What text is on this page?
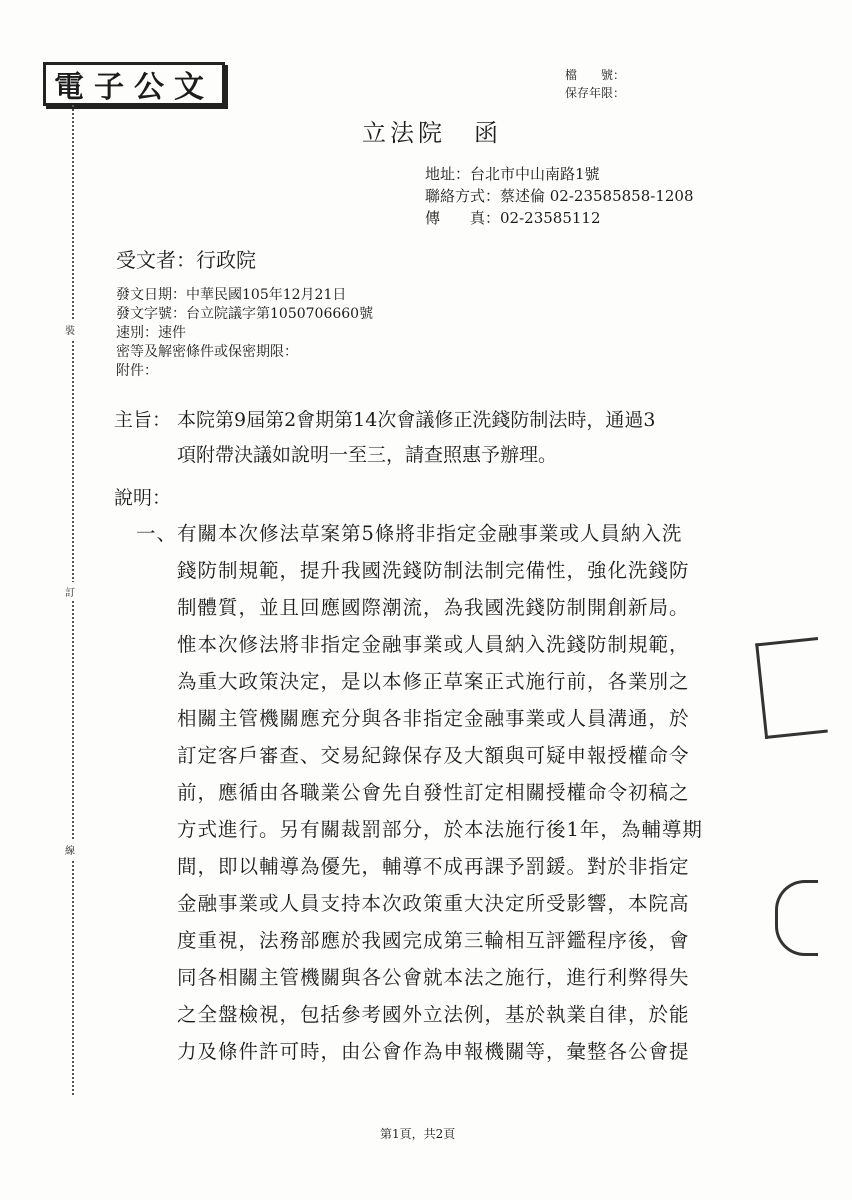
電子公文
裝
訂
線
檔　　號：
保存年限：
立法院　函
地址：台北市中山南路1號
聯絡方式：蔡述倫 02-23585858-1208
傳　　真：02-23585112
受文者：行政院
發文日期：中華民國105年12月21日
發文字號：台立院議字第1050706660號
速別：速件
密等及解密條件或保密期限：
附件：
主旨： 本院第9屆第2會期第14次會議修正洗錢防制法時，通過3
項附帶決議如說明一至三，請查照惠予辦理。
說明：
一、 有關本次修法草案第5條將非指定金融事業或人員納入洗
錢防制規範，提升我國洗錢防制法制完備性，強化洗錢防
制體質，並且回應國際潮流，為我國洗錢防制開創新局。
惟本次修法將非指定金融事業或人員納入洗錢防制規範，
為重大政策決定，是以本修正草案正式施行前，各業別之
相關主管機關應充分與各非指定金融事業或人員溝通，於
訂定客戶審查、交易紀錄保存及大額與可疑申報授權命令
前，應循由各職業公會先自發性訂定相關授權命令初稿之
方式進行。另有關裁罰部分，於本法施行後1年，為輔導期
間，即以輔導為優先，輔導不成再課予罰鍰。對於非指定
金融事業或人員支持本次政策重大決定所受影響，本院高
度重視，法務部應於我國完成第三輪相互評鑑程序後，會
同各相關主管機關與各公會就本法之施行，進行利弊得失
之全盤檢視，包括參考國外立法例，基於執業自律，於能
力及條件許可時，由公會作為申報機關等，彙整各公會提
第1頁，共2頁
